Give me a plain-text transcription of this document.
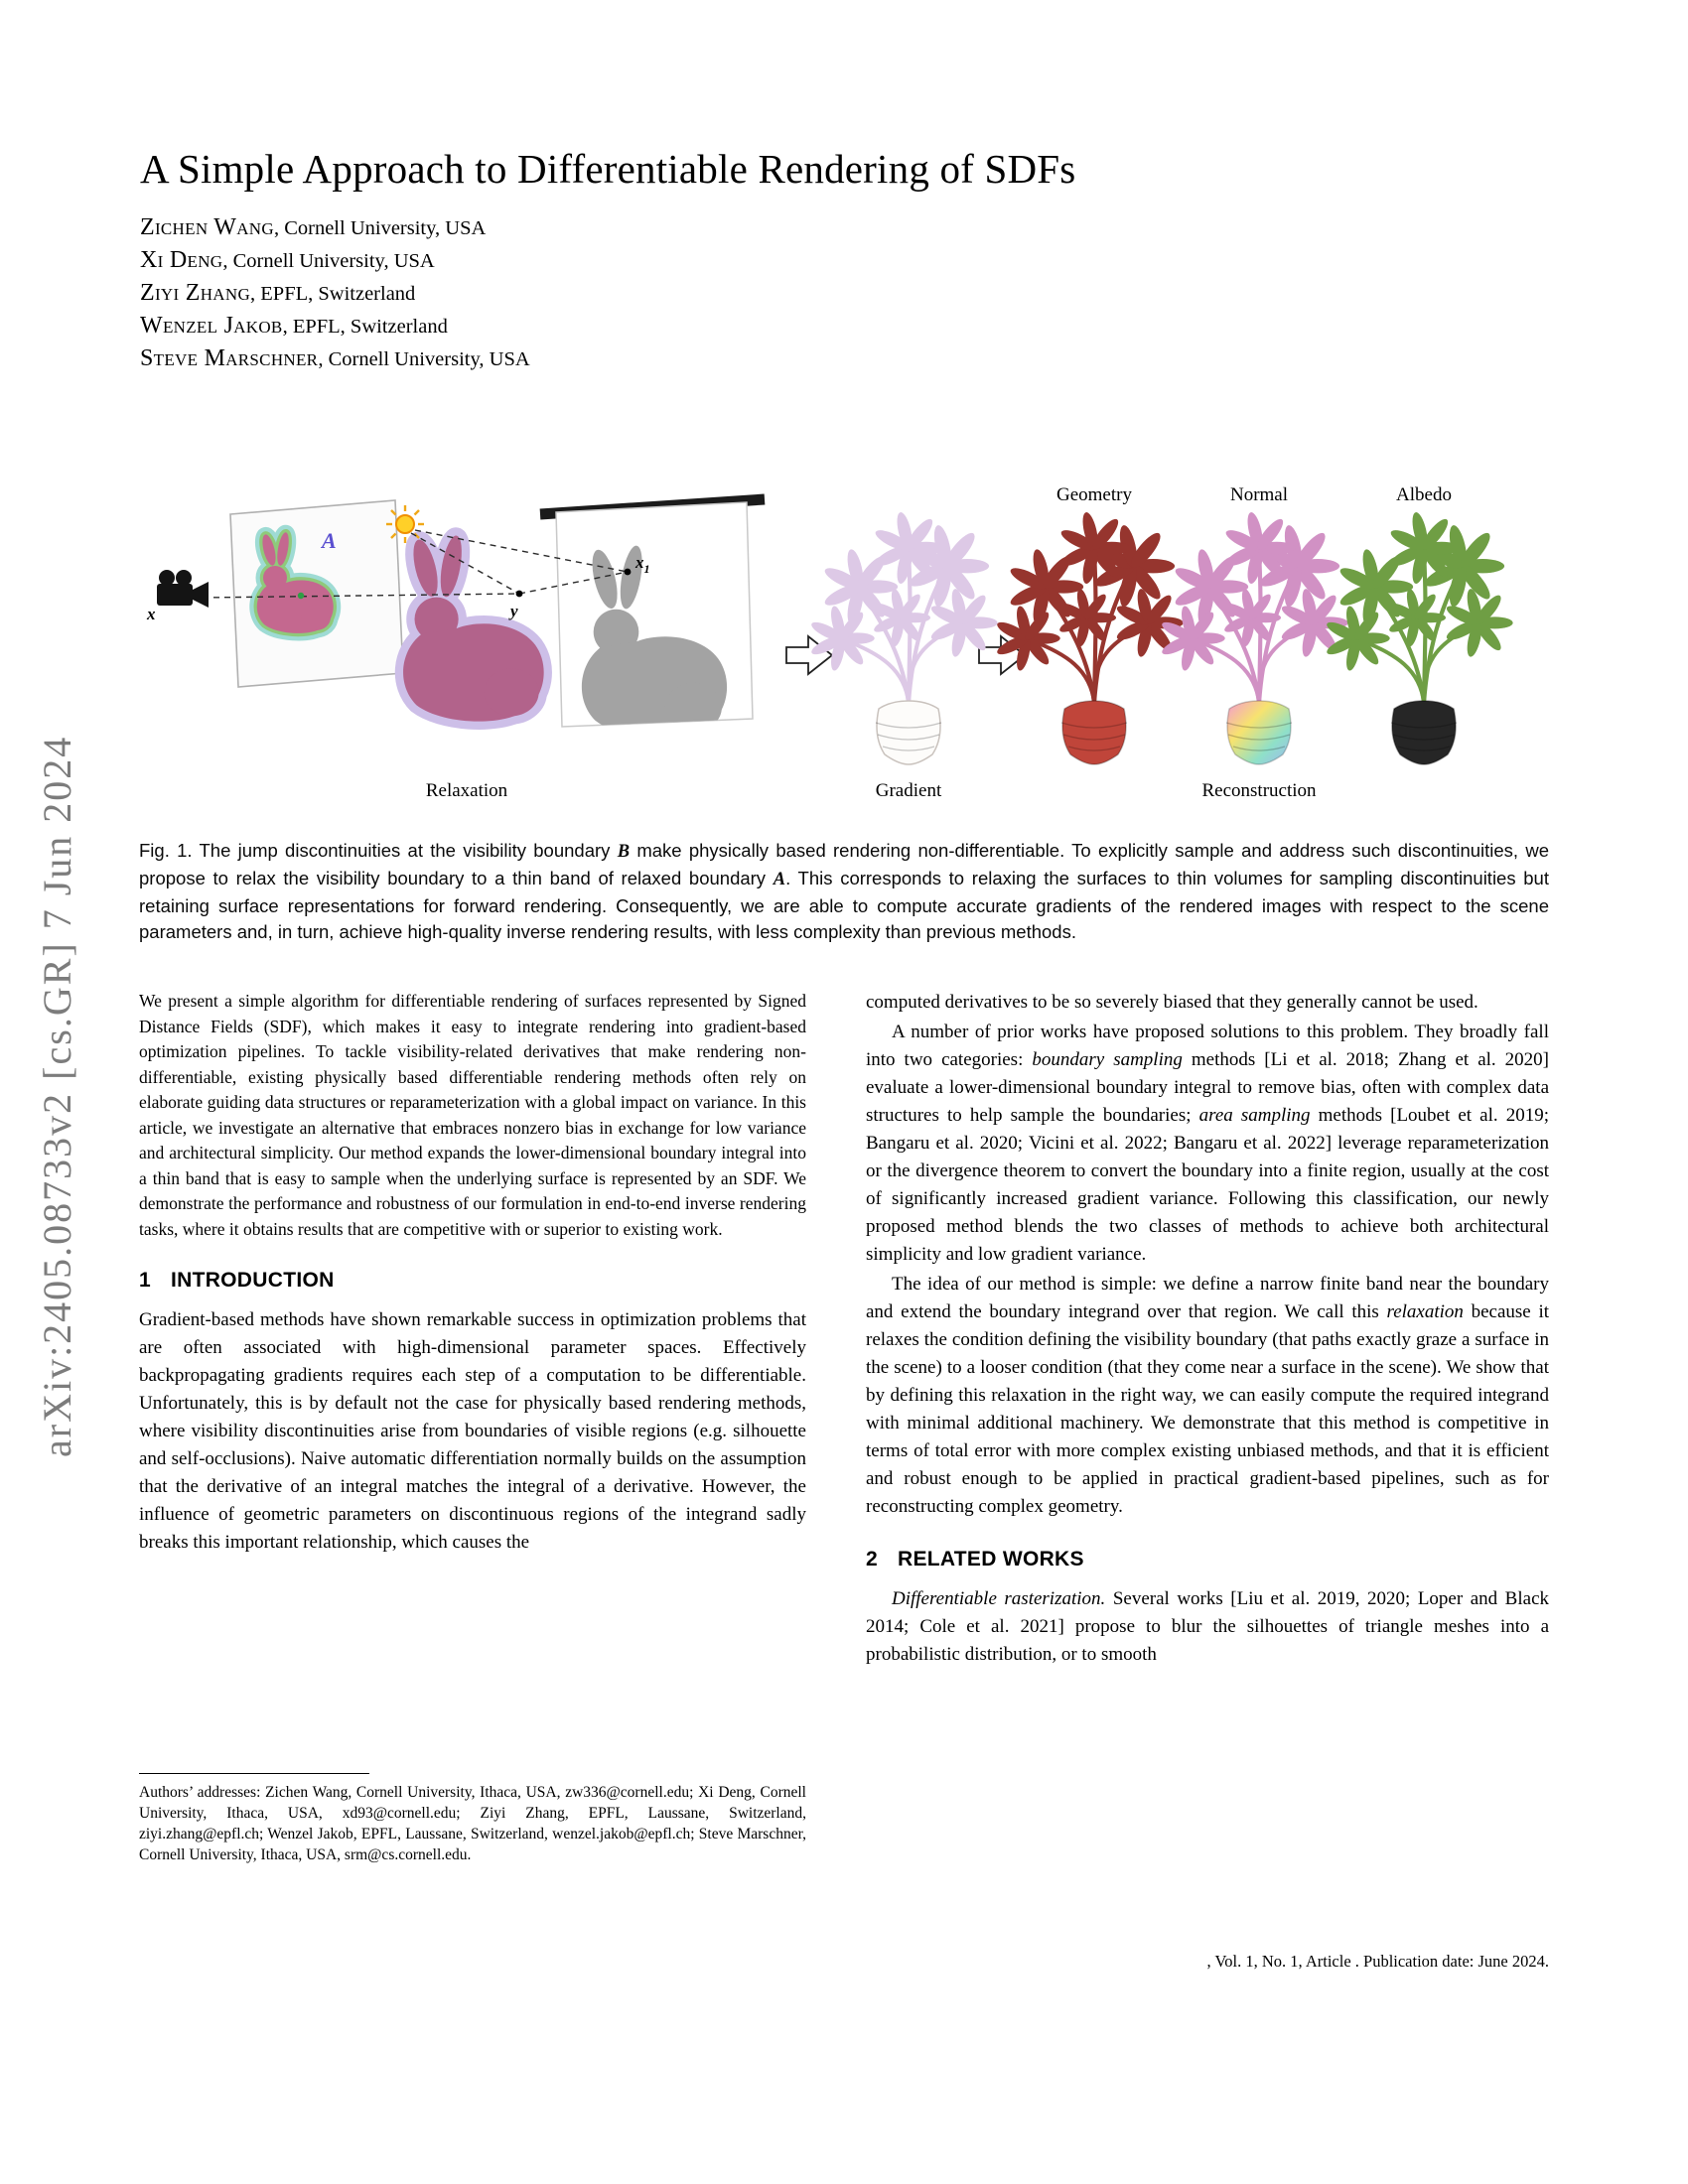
arXiv:2405.08733v2 [cs.GR] 7 Jun 2024
A Simple Approach to Differentiable Rendering of SDFs
Zichen Wang, Cornell University, USA
Xi Deng, Cornell University, USA
Ziyi Zhang, EPFL, Switzerland
Wenzel Jakob, EPFL, Switzerland
Steve Marschner, Cornell University, USA
x	y
$x_1$
A
Geometry	Normal	Albedo
Relaxation	Gradient	Reconstruction
Fig. 1. The jump discontinuities at the visibility boundary B make physically based rendering non-differentiable. To explicitly sample and address such discontinuities, we propose to relax the visibility boundary to a thin band of relaxed boundary A. This corresponds to relaxing the surfaces to thin volumes for sampling discontinuities but retaining surface representations for forward rendering. Consequently, we are able to compute accurate gradients of the rendered images with respect to the scene parameters and, in turn, achieve high-quality inverse rendering results, with less complexity than previous methods.

We present a simple algorithm for differentiable rendering of surfaces represented by Signed Distance Fields (SDF), which makes it easy to integrate rendering into gradient-based optimization pipelines. To tackle visibility-related derivatives that make rendering non-differentiable, existing physically based differentiable rendering methods often rely on elaborate guiding data structures or reparameterization with a global impact on variance. In this article, we investigate an alternative that embraces nonzero bias in exchange for low variance and architectural simplicity. Our method expands the lower-dimensional boundary integral into a thin band that is easy to sample when the underlying surface is represented by an SDF. We demonstrate the performance and robustness of our formulation in end-to-end inverse rendering tasks, where it obtains results that are competitive with or superior to existing work.

1 INTRODUCTION

Gradient-based methods have shown remarkable success in optimization problems that are often associated with high-dimensional parameter spaces. Effectively backpropagating gradients requires each step of a computation to be differentiable. Unfortunately, this is by default not the case for physically based rendering methods, where visibility discontinuities arise from boundaries of visible regions (e.g. silhouette and self-occlusions). Naive automatic differentiation normally builds on the assumption that the derivative of an integral matches the integral of a derivative. However, the influence of geometric parameters on discontinuous regions of the integrand sadly breaks this important relationship, which causes the

computed derivatives to be so severely biased that they generally cannot be used.

A number of prior works have proposed solutions to this problem. They broadly fall into two categories: boundary sampling methods [Li et al. 2018; Zhang et al. 2020] evaluate a lower-dimensional boundary integral to remove bias, often with complex data structures to help sample the boundaries; area sampling methods [Loubet et al. 2019; Bangaru et al. 2020; Vicini et al. 2022; Bangaru et al. 2022] leverage reparameterization or the divergence theorem to convert the boundary into a finite region, usually at the cost of significantly increased gradient variance. Following this classification, our newly proposed method blends the two classes of methods to achieve both architectural simplicity and low gradient variance.

The idea of our method is simple: we define a narrow finite band near the boundary and extend the boundary integrand over that region. We call this relaxation because it relaxes the condition defining the visibility boundary (that paths exactly graze a surface in the scene) to a looser condition (that they come near a surface in the scene). We show that by defining this relaxation in the right way, we can easily compute the required integrand with minimal additional machinery. We demonstrate that this method is competitive in terms of total error with more complex existing unbiased methods, and that it is efficient and robust enough to be applied in practical gradient-based pipelines, such as for reconstructing complex geometry.

2 RELATED WORKS

Differentiable rasterization. Several works [Liu et al. 2019, 2020; Loper and Black 2014; Cole et al. 2021] propose to blur the silhouettes of triangle meshes into a probabilistic distribution, or to smooth

Authors’ addresses: Zichen Wang, Cornell University, Ithaca, USA, zw336@cornell.edu; Xi Deng, Cornell University, Ithaca, USA, xd93@cornell.edu; Ziyi Zhang, EPFL, Laussane, Switzerland, ziyi.zhang@epfl.ch; Wenzel Jakob, EPFL, Laussane, Switzerland, wenzel.jakob@epfl.ch; Steve Marschner, Cornell University, Ithaca, USA, srm@cs.cornell.edu.
, Vol. 1, No. 1, Article . Publication date: June 2024.
